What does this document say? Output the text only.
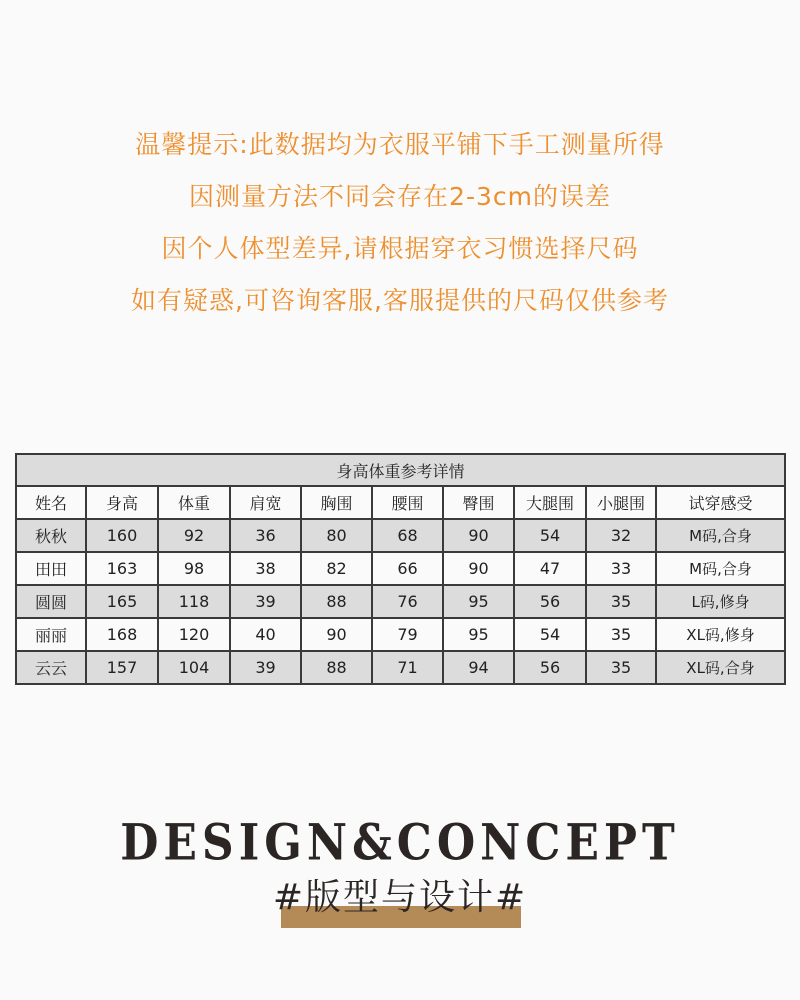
温馨提示:此数据均为衣服平铺下手工测量所得
因测量方法不同会存在2-3cm的误差
因个人体型差异,请根据穿衣习惯选择尺码
如有疑惑,可咨询客服,客服提供的尺码仅供参考
身高体重参考详情									
姓名	身高	体重	肩宽	胸围	腰围	臀围	大腿围	小腿围	试穿感受
秋秋	160	92	36	80	68	90	54	32	M码,合身
田田	163	98	38	82	66	90	47	33	M码,合身
圆圆	165	118	39	88	76	95	56	35	L码,修身
丽丽	168	120	40	90	79	95	54	35	XL码,修身
云云	157	104	39	88	71	94	56	35	XL码,合身
DESIGN&CONCEPT
#版型与设计#
